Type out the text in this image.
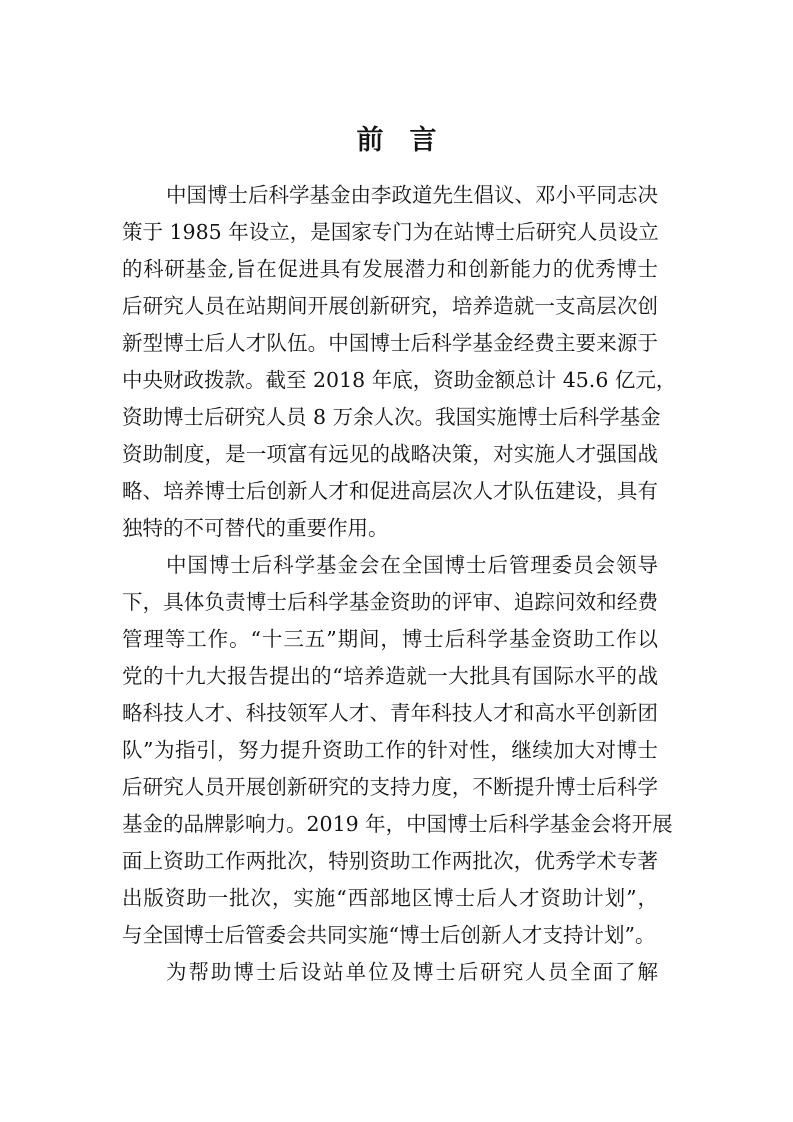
前言
中国博士后科学基金由李政道先生倡议、邓小平同志决
策于 1985 年设立，是国家专门为在站博士后研究人员设立
的科研基金,旨在促进具有发展潜力和创新能力的优秀博士
后研究人员在站期间开展创新研究，培养造就一支高层次创
新型博士后人才队伍。中国博士后科学基金经费主要来源于
中央财政拨款。截至 2018 年底，资助金额总计 45.6 亿元，
资助博士后研究人员 8 万余人次。我国实施博士后科学基金
资助制度，是一项富有远见的战略决策，对实施人才强国战
略、培养博士后创新人才和促进高层次人才队伍建设，具有
独特的不可替代的重要作用。
中国博士后科学基金会在全国博士后管理委员会领导
下，具体负责博士后科学基金资助的评审、追踪问效和经费
管理等工作。“十三五”期间，博士后科学基金资助工作以
党的十九大报告提出的“培养造就一大批具有国际水平的战
略科技人才、科技领军人才、青年科技人才和高水平创新团
队”为指引，努力提升资助工作的针对性，继续加大对博士
后研究人员开展创新研究的支持力度，不断提升博士后科学
基金的品牌影响力。2019 年，中国博士后科学基金会将开展
面上资助工作两批次，特别资助工作两批次，优秀学术专著
出版资助一批次，实施“西部地区博士后人才资助计划”，
与全国博士后管委会共同实施“博士后创新人才支持计划”。
为帮助博士后设站单位及博士后研究人员全面了解
